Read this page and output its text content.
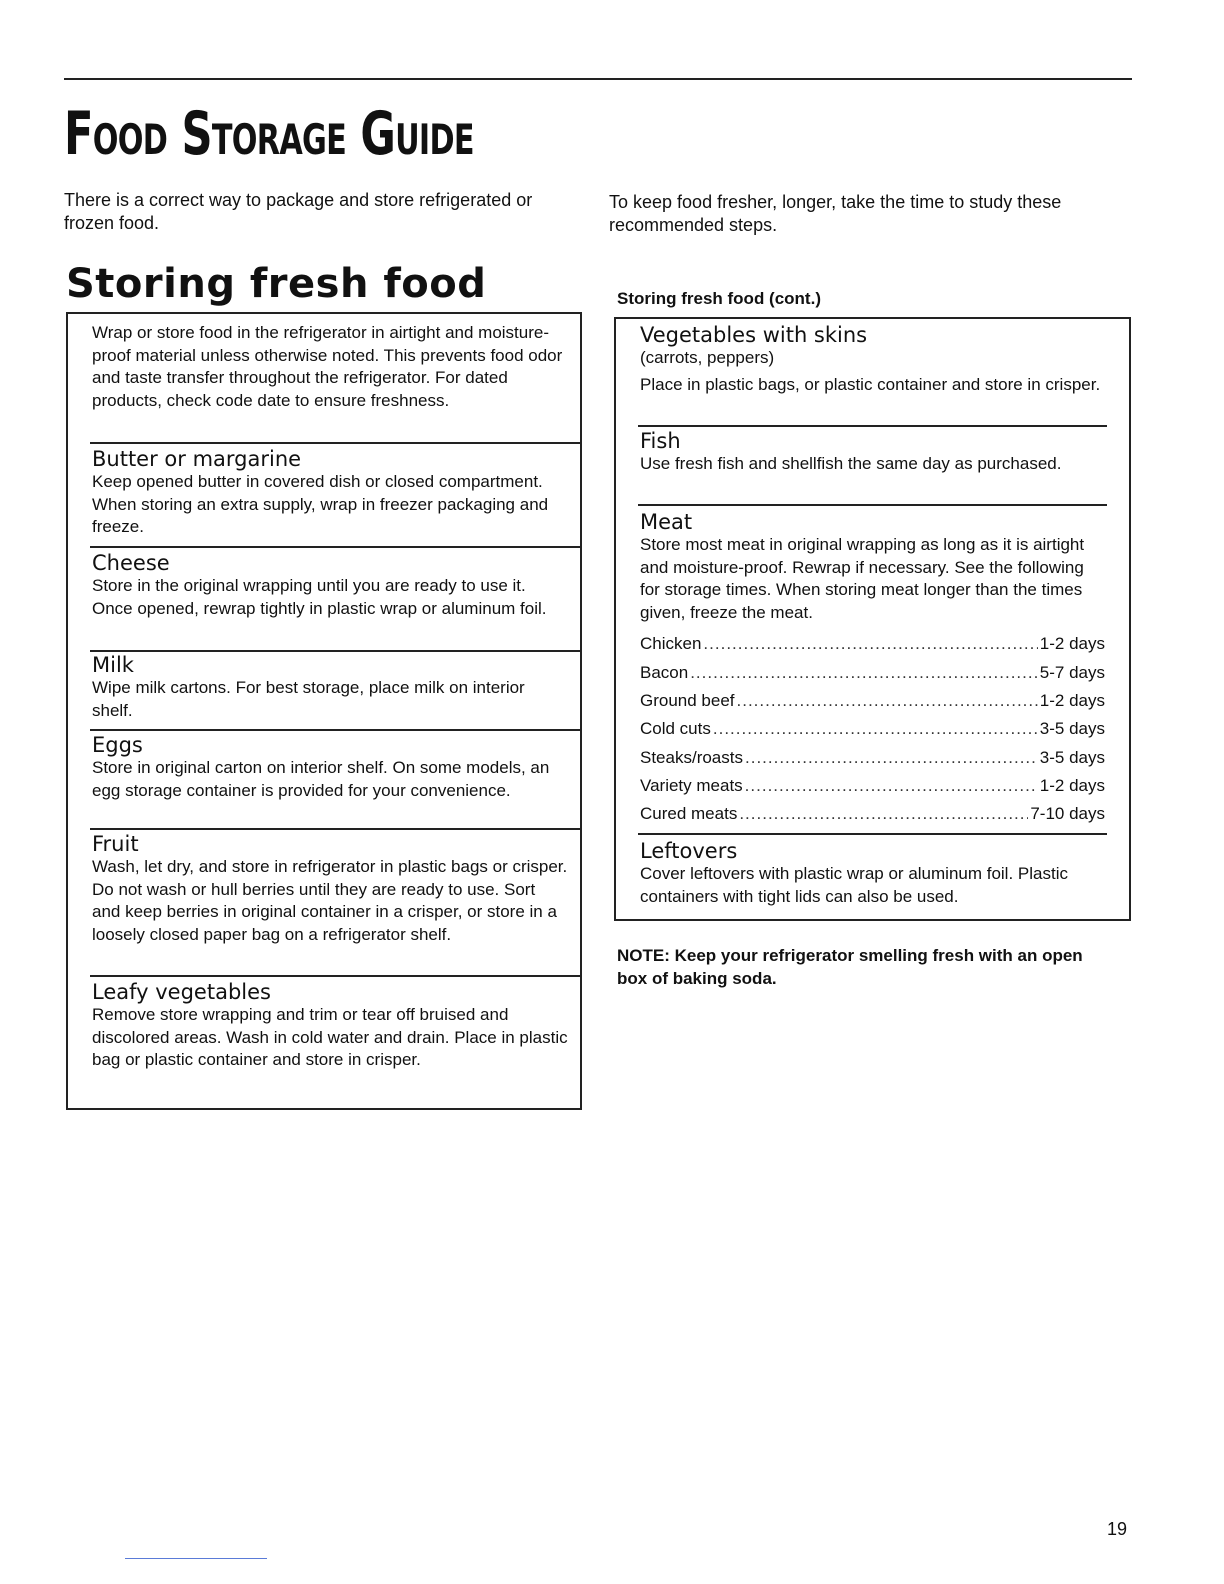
Food Storage Guide

There is a correct way to package and store refrigerated or frozen food.

To keep food fresher, longer, take the time to study these recommended steps.

Storing fresh food	Storing fresh food (cont.)

Wrap or store food in the refrigerator in airtight and moisture-proof material unless otherwise noted. This prevents food odor and taste transfer throughout the refrigerator. For dated products, check code date to ensure freshness.

Butter or margarine

Keep opened butter in covered dish or closed compartment. When storing an extra supply, wrap in freezer packaging and freeze.

Cheese

Store in the original wrapping until you are ready to use it. Once opened, rewrap tightly in plastic wrap or aluminum foil.

Milk

Wipe milk cartons. For best storage, place milk on interior shelf.

Eggs

Store in original carton on interior shelf. On some models, an egg storage container is provided for your convenience.

Fruit

Wash, let dry, and store in refrigerator in plastic bags or crisper. Do not wash or hull berries until they are ready to use. Sort and keep berries in original container in a crisper, or store in a loosely closed paper bag on a refrigerator shelf.

Leafy vegetables

Remove store wrapping and trim or tear off bruised and discolored areas. Wash in cold water and drain. Place in plastic bag or plastic container and store in crisper.

Vegetables with skins

(carrots, peppers)

Place in plastic bags, or plastic container and store in crisper.

Fish

Use fresh fish and shellfish the same day as purchased.

Meat

Store most meat in original wrapping as long as it is airtight and moisture-proof. Rewrap if necessary. See the following for storage times. When storing meat longer than the times given, freeze the meat.

Chicken .....	1-2 days
Bacon .....	5-7 days
Ground beef .....	1-2 days
Cold cuts .....	3-5 days
Steaks/roasts .....	3-5 days
Variety meats .....	1-2 days
Cured meats .....	7-10 days
Leftovers

Cover leftovers with plastic wrap or aluminum foil. Plastic containers with tight lids can also be used.

NOTE: Keep your refrigerator smelling fresh with an open box of baking soda.

19
